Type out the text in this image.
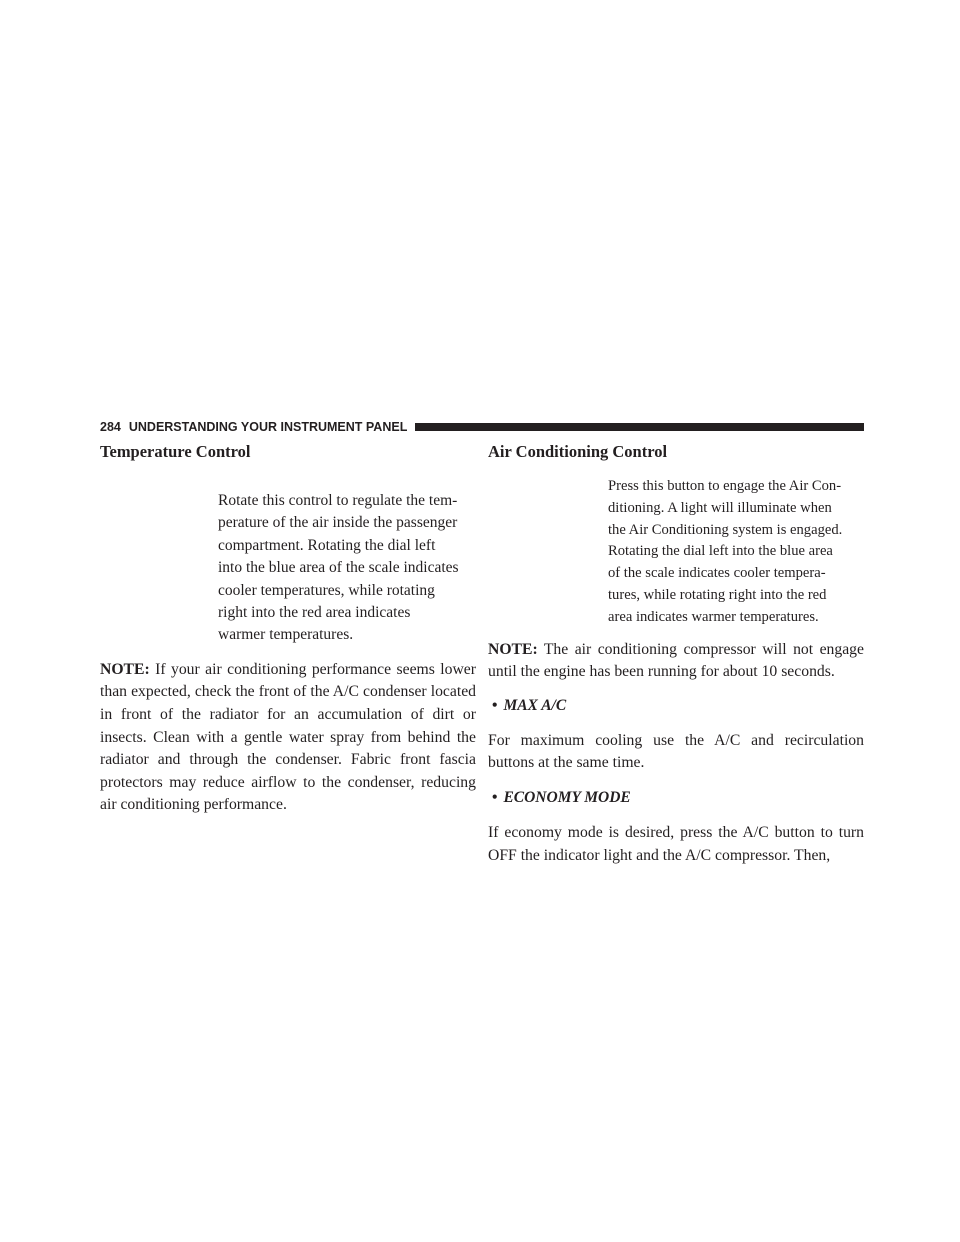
284 UNDERSTANDING YOUR INSTRUMENT PANEL
Temperature Control
Rotate this control to regulate the tem-
perature of the air inside the passenger
compartment. Rotating the dial left
into the blue area of the scale indicates
cooler temperatures, while rotating
right into the red area indicates
warmer temperatures.

NOTE: If your air conditioning performance seems lower than expected, check the front of the A/C condenser located in front of the radiator for an accumulation of dirt or insects. Clean with a gentle water spray from behind the radiator and through the condenser. Fabric front fascia protectors may reduce airflow to the condenser, reducing air conditioning performance.

Air Conditioning Control
Press this button to engage the Air Con-
ditioning. A light will illuminate when
the Air Conditioning system is engaged.
Rotating the dial left into the blue area
of the scale indicates cooler tempera-
tures, while rotating right into the red
area indicates warmer temperatures.

NOTE: The air conditioning compressor will not engage until the engine has been running for about 10 seconds.

• MAX A/C

For maximum cooling use the A/C and recirculation buttons at the same time.

• ECONOMY MODE

If economy mode is desired, press the A/C button to turn OFF the indicator light and the A/C compressor. Then,
